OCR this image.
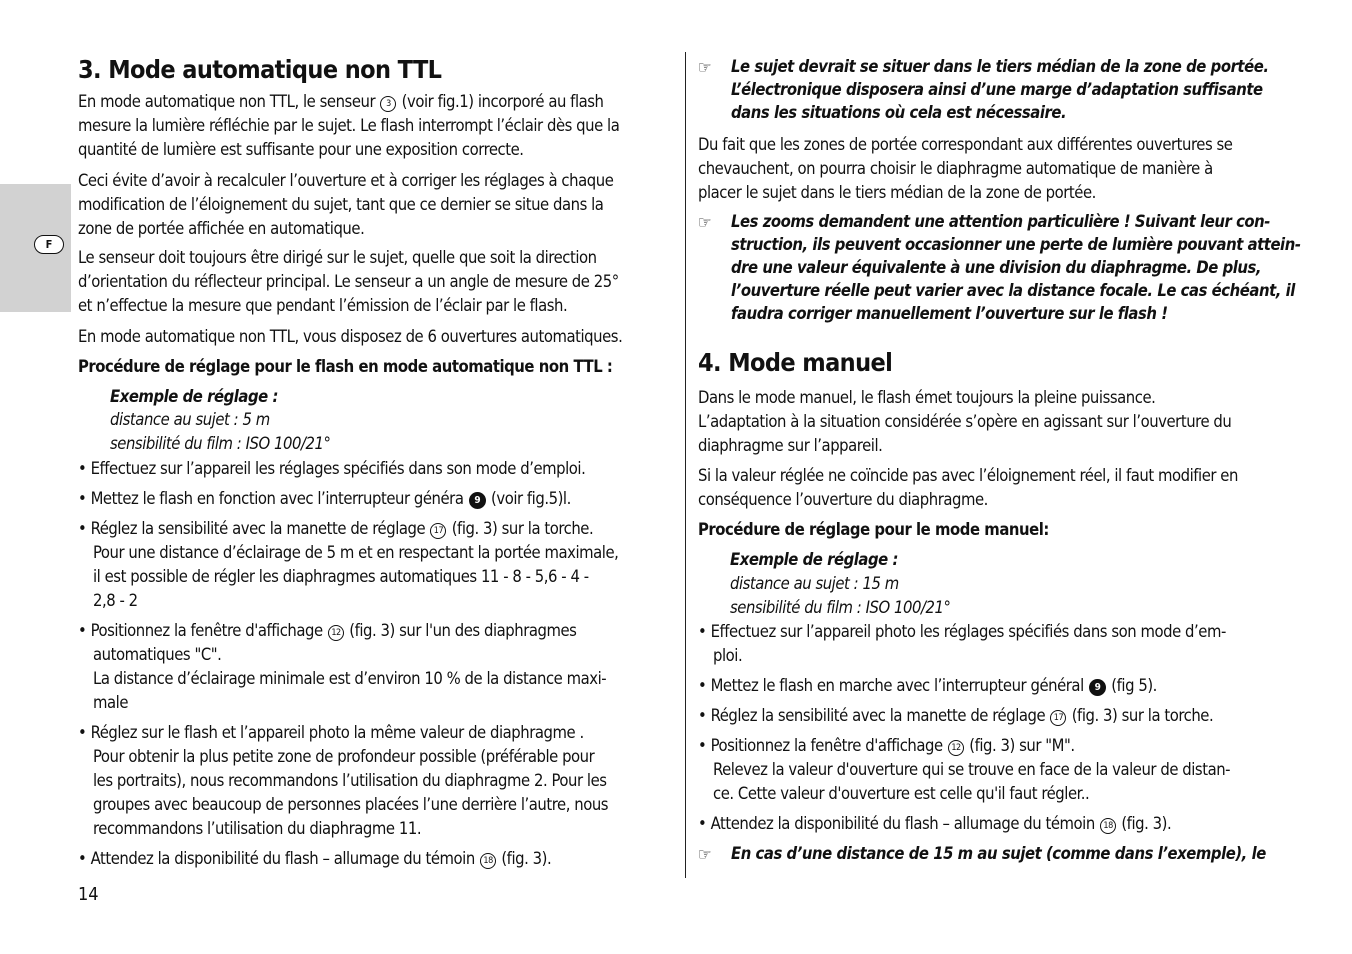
F
3. Mode automatique non TTL
En mode automatique non TTL, le senseur 3 (voir fig.1) incorporé au flash
mesure la lumière réfléchie par le sujet. Le flash interrompt l’éclair dès que la
quantité de lumière est suffisante pour une exposition correcte.
Ceci évite d’avoir à recalculer l’ouverture et à corriger les réglages à chaque
modification de l’éloignement du sujet, tant que ce dernier se situe dans la
zone de portée affichée en automatique.
Le senseur doit toujours être dirigé sur le sujet, quelle que soit la direction
d’orientation du réflecteur principal. Le senseur a un angle de mesure de 25°
et n’effectue la mesure que pendant l’émission de l’éclair par le flash.
En mode automatique non TTL, vous disposez de 6 ouvertures automatiques.
Procédure de réglage pour le flash en mode automatique non TTL :
Exemple de réglage :
distance au sujet : 5 m
sensibilité du film : ISO 100/21°
• Effectuez sur l’appareil les réglages spécifiés dans son mode d’emploi.
• Mettez le flash en fonction avec l’interrupteur généra 9 (voir fig.5)l.
• Réglez la sensibilité avec la manette de réglage 17 (fig. 3) sur la torche.
Pour une distance d’éclairage de 5 m et en respectant la portée maximale,
il est possible de régler les diaphragmes automatiques 11 - 8 - 5,6 - 4 -
2,8 - 2
• Positionnez la fenêtre d'affichage 12 (fig. 3) sur l'un des diaphragmes
automatiques "C".
La distance d’éclairage minimale est d’environ 10 % de la distance maxi-
male
• Réglez sur le flash et l’appareil photo la même valeur de diaphragme .
Pour obtenir la plus petite zone de profondeur possible (préférable pour
les portraits), nous recommandons l’utilisation du diaphragme 2. Pour les
groupes avec beaucoup de personnes placées l’une derrière l’autre, nous
recommandons l’utilisation du diaphragme 11.
• Attendez la disponibilité du flash – allumage du témoin 18 (fig. 3).
14
☞ Le sujet devrait se situer dans le tiers médian de la zone de portée.
L’électronique disposera ainsi d’une marge d’adaptation suffisante
dans les situations où cela est nécessaire.
Du fait que les zones de portée correspondant aux différentes ouvertures se
chevauchent, on pourra choisir le diaphragme automatique de manière à
placer le sujet dans le tiers médian de la zone de portée.
☞ Les zooms demandent une attention particulière ! Suivant leur con-
struction, ils peuvent occasionner une perte de lumière pouvant attein-
dre une valeur équivalente à une division du diaphragme. De plus,
l’ouverture réelle peut varier avec la distance focale. Le cas échéant, il
faudra corriger manuellement l’ouverture sur le flash !
4. Mode manuel
Dans le mode manuel, le flash émet toujours la pleine puissance.
L’adaptation à la situation considérée s’opère en agissant sur l’ouverture du
diaphragme sur l’appareil.
Si la valeur réglée ne coïncide pas avec l’éloignement réel, il faut modifier en
conséquence l’ouverture du diaphragme.
Procédure de réglage pour le mode manuel:
Exemple de réglage :
distance au sujet : 15 m
sensibilité du film : ISO 100/21°
• Effectuez sur l’appareil photo les réglages spécifiés dans son mode d’em-
ploi.
• Mettez le flash en marche avec l’interrupteur général 9 (fig 5).
• Réglez la sensibilité avec la manette de réglage 17 (fig. 3) sur la torche.
• Positionnez la fenêtre d'affichage 12 (fig. 3) sur "M".
Relevez la valeur d'ouverture qui se trouve en face de la valeur de distan-
ce. Cette valeur d'ouverture est celle qu'il faut régler..
• Attendez la disponibilité du flash – allumage du témoin 18 (fig. 3).
☞ En cas d’une distance de 15 m au sujet (comme dans l’exemple), le
